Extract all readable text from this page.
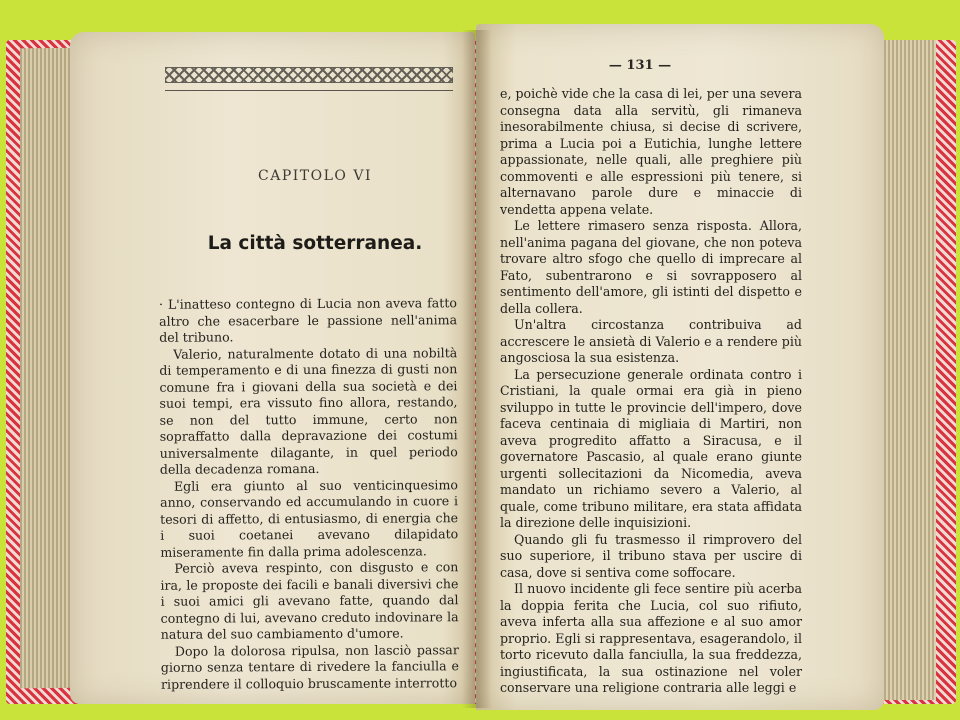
CAPITOLO VI
La città sotterranea.

· L'inatteso contegno di Lucia non aveva fatto altro che esacerbare le passione nell'anima del tribuno.

Valerio, naturalmente dotato di una nobiltà di temperamento e di una finezza di gusti non comune fra i giovani della sua società e dei suoi tempi, era vissuto fino allora, restando, se non del tutto immune, certo non sopraffatto dalla depravazione dei costumi universalmente dilagante, in quel periodo della decadenza romana.

Egli era giunto al suo venticinquesimo anno, conservando ed accumulando in cuore i tesori di affetto, di entusiasmo, di energia che i suoi coetanei avevano dilapidato miseramente fin dalla prima adolescenza.

Perciò aveva respinto, con disgusto e con ira, le proposte dei facili e banali diversivi che i suoi amici gli avevano fatte, quando dal contegno di lui, avevano creduto indovinare la natura del suo cambiamento d'umore.

Dopo la dolorosa ripulsa, non lasciò passar giorno senza tentare di rivedere la fanciulla e riprendere il colloquio bruscamente interrotto

— 131 —

e, poichè vide che la casa di lei, per una severa consegna data alla servitù, gli rimaneva inesorabilmente chiusa, si decise di scrivere, prima a Lucia poi a Eutichia, lunghe lettere appassionate, nelle quali, alle preghiere più commoventi e alle espressioni più tenere, si alternavano parole dure e minaccie di vendetta appena velate.

Le lettere rimasero senza risposta. Allora, nell'anima pagana del giovane, che non poteva trovare altro sfogo che quello di imprecare al Fato, subentrarono e si sovrapposero al sentimento dell'amore, gli istinti del dispetto e della collera.

Un'altra circostanza contribuiva ad accrescere le ansietà di Valerio e a rendere più angosciosa la sua esistenza.

La persecuzione generale ordinata contro i Cristiani, la quale ormai era già in pieno sviluppo in tutte le provincie dell'impero, dove faceva centinaia di migliaia di Martiri, non aveva progredito affatto a Siracusa, e il governatore Pascasio, al quale erano giunte urgenti sollecitazioni da Nicomedia, aveva mandato un richiamo severo a Valerio, al quale, come tribuno militare, era stata affidata la direzione delle inquisizioni.

Quando gli fu trasmesso il rimprovero del suo superiore, il tribuno stava per uscire di casa, dove si sentiva come soffocare.

Il nuovo incidente gli fece sentire più acerba la doppia ferita che Lucia, col suo rifiuto, aveva inferta alla sua affezione e al suo amor proprio. Egli si rappresentava, esagerandolo, il torto ricevuto dalla fanciulla, la sua freddezza, ingiustificata, la sua ostinazione nel voler conservare una religione contraria alle leggi e
